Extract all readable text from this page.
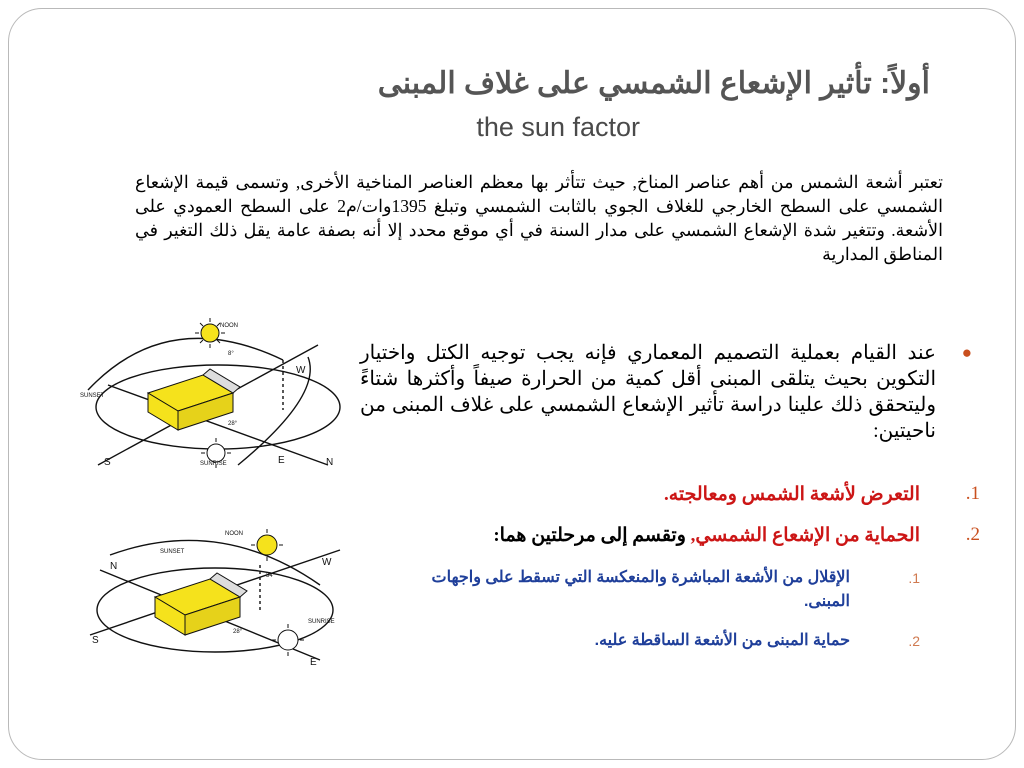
أولاً: تأثير الإشعاع الشمسي على غلاف المبنى
the sun factor
تعتبر أشعة الشمس من أهم عناصر المناخ, حيث تتأثر بها معظم العناصر المناخية الأخرى, وتسمى قيمة الإشعاع الشمسي على السطح الخارجي للغلاف الجوي بالثابت الشمسي وتبلغ 1395وات/م2 على السطح العمودي على الأشعة. وتتغير شدة الإشعاع الشمسي على مدار السنة في أي موقع محدد إلا أنه بصفة عامة يقل ذلك التغير في المناطق المدارية
●
عند القيام بعملية التصميم المعماري فإنه يجب توجيه الكتل واختيار التكوين بحيث يتلقى المبنى أقل كمية من الحرارة صيفاً وأكثرها شتاءً وليتحقق ذلك علينا دراسة تأثير الإشعاع الشمسي على غلاف المبنى من ناحيتين:
1.
التعرض لأشعة الشمس ومعالجته.
2.
الحماية من الإشعاع الشمسي, وتقسم إلى مرحلتين هما:
1.
الإقلال من الأشعة المباشرة والمنعكسة التي تسقط على واجهات المبنى.
2.
حماية المبنى من الأشعة الساقطة عليه.
NOON
SUNSET
SUNRISE
8°
28°
S	E
W
N
NOON
SUNSET
SUNRISE
34°
28°
S
E
W
N
